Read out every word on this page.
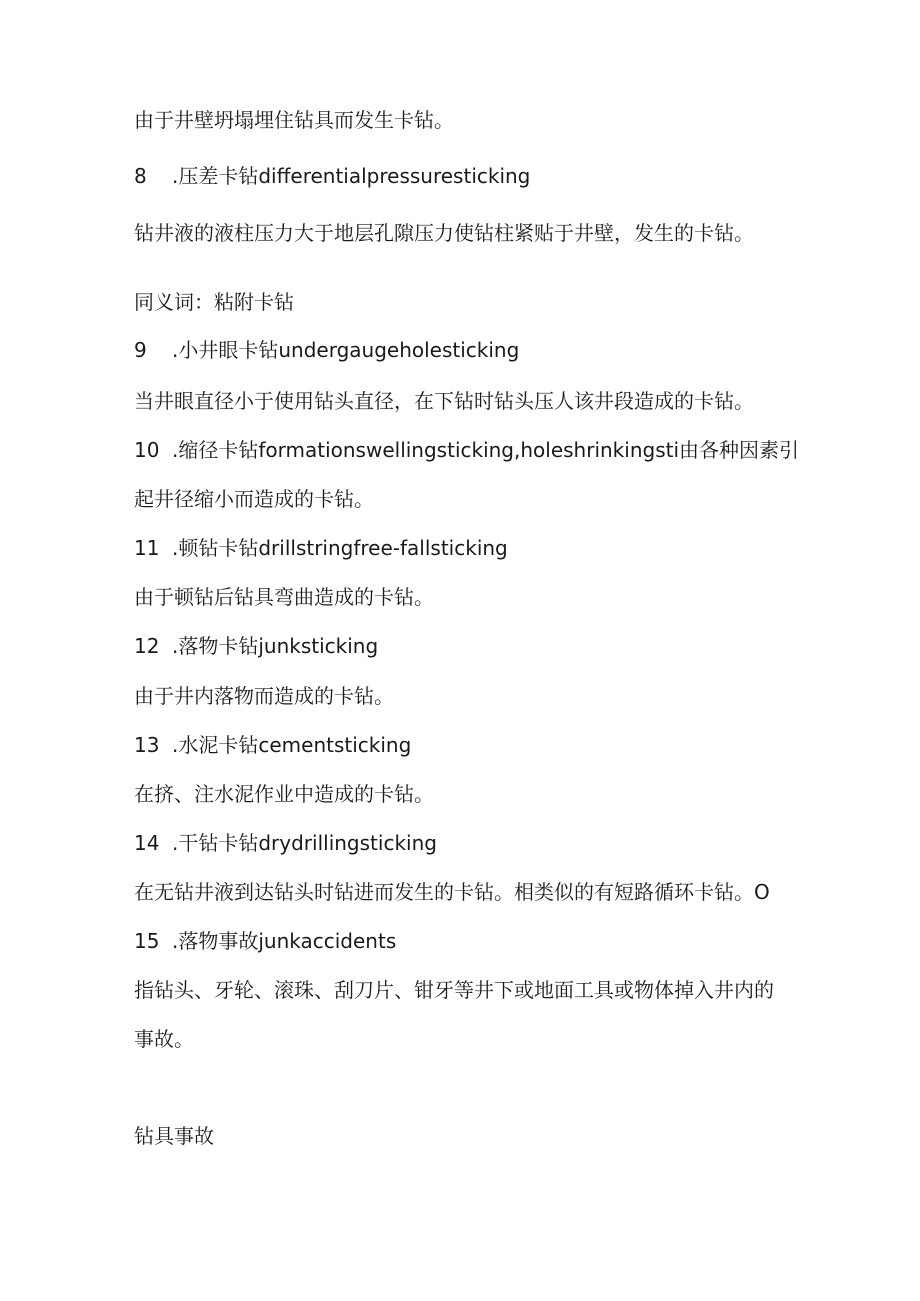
由于井壁坍塌埋住钻具而发生卡钻。
8 .压差卡钻differentialpressuresticking
钻井液的液柱压力大于地层孔隙压力使钻柱紧贴于井壁，发生的卡钻。
同义词：粘附卡钻
9 .小井眼卡钻undergaugeholesticking
当井眼直径小于使用钻头直径，在下钻时钻头压人该井段造成的卡钻。
10 .缩径卡钻formationswellingsticking,holeshrinkingsti由各种因素引
起井径缩小而造成的卡钻。
11 .顿钻卡钻drillstringfree-fallsticking
由于顿钻后钻具弯曲造成的卡钻。
12 .落物卡钻junksticking
由于井内落物而造成的卡钻。
13 .水泥卡钻cementsticking
在挤、注水泥作业中造成的卡钻。
14 .干钻卡钻drydrillingsticking
在无钻井液到达钻头时钻进而发生的卡钻。相类似的有短路循环卡钻。O
15 .落物事故junkaccidents
指钻头、牙轮、滚珠、刮刀片、钳牙等井下或地面工具或物体掉入井内的
事故。
钻具事故
